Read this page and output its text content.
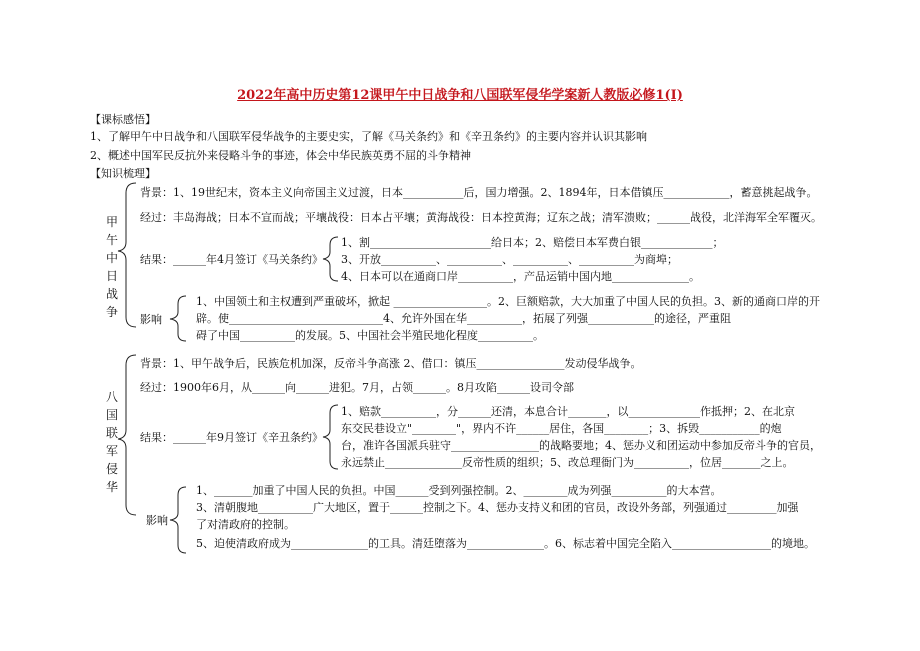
2022年高中历史第12课甲午中日战争和八国联军侵华学案新人教版必修1(I)
【课标感悟】
1、了解甲午中日战争和八国联军侵华战争的主要史实，了解《马关条约》和《辛丑条约》的主要内容并认识其影响
2、概述中国军民反抗外来侵略斗争的事迹，体会中华民族英勇不屈的斗争精神
【知识梳理】
甲午中日战争
背景：1、19世纪末，资本主义向帝国主义过渡，日本___________后，国力增强。2、1894年，日本借镇压____________，蓄意挑起战争。
经过：丰岛海战；日本不宣而战；平壤战役：日本占平壤；黄海战役：日本控黄海；辽东之战；清军溃败；______战役，北洋海军全军覆灭。
结果：______年4月签订《马关条约》
1、割______________________给日本；2、赔偿日本军费白银_____________；
3、开放__________、__________、__________、__________为商埠；
4、日本可以在通商口岸__________，产品运销中国内地______________。
影响
1、中国领土和主权遭到严重破坏，掀起 _________________。2、巨额赔款，大大加重了中国人民的负担。3、新的通商口岸的开
辟。使____________________________4、允许外国在华__________，拓展了列强____________的途径，严重阻
碍了中国__________的发展。5、中国社会半殖民地化程度__________。
八国联军侵华
背景：1、甲午战争后，民族危机加深，反帝斗争高涨 2、借口：镇压________________发动侵华战争。
经过：1900年6月，从______向______进犯。7月，占领______。8月攻陷______设司令部
结果：______年9月签订《辛丑条约》
1、赔款__________，分______还清，本息合计_______，以_____________作抵押；2、在北京
东交民巷设立"________"，界内不许______居住，各国________；3、拆毁___________的炮
台，准许各国派兵驻守________________的战略要地；4、惩办义和团运动中参加反帝斗争的官员，
永远禁止______________反帝性质的组织；5、改总理衙门为__________，位居_______之上。
影响
1、_______加重了中国人民的负担。中国______受到列强控制。2、________成为列强__________的大本营。
3、清朝腹地__________广大地区，置于______控制之下。4、惩办支持义和团的官员，改设外务部，列强通过_________加强
了对清政府的控制。
5、迫使清政府成为______________的工具。清廷堕落为______________。6、标志着中国完全陷入__________________的境地。
